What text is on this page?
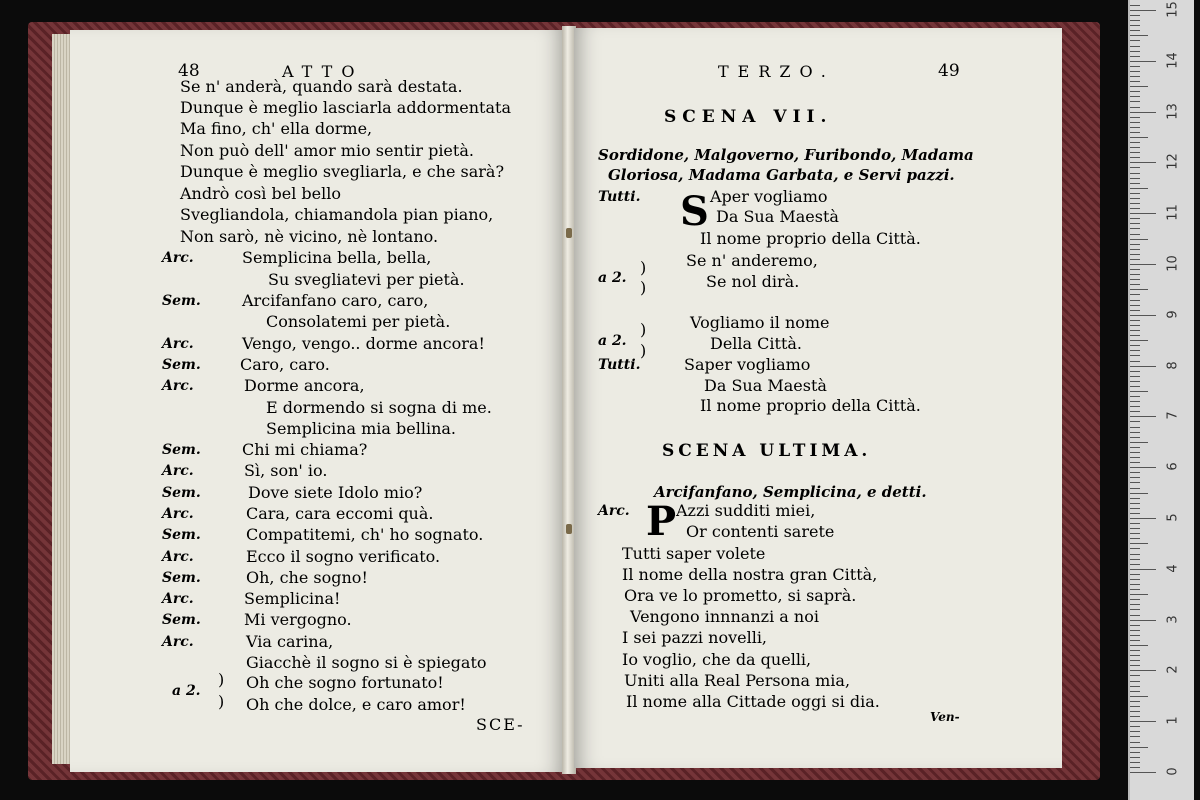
48	ATTO
Se n' anderà, quando sarà destata.
Dunque è meglio lasciarla addormentata
Ma fino, ch' ella dorme,
Non può dell' amor mio sentir pietà.
Dunque è meglio svegliarla, e che sarà?
Andrò così bel bello
Svegliandola, chiamandola pian piano,
Non sarò, nè vicino, nè lontano.
Semplicina bella, bella,
Arc.
Su svegliatevi per pietà.
Arcifanfano caro, caro,
Sem.
Consolatemi per pietà.
Vengo, vengo.. dorme ancora!
Arc.
Caro, caro.
Sem.
Dorme ancora,
Arc.
E dormendo si sogna di me.
Semplicina mia bellina.
Chi mi chiama?
Sem.
Sì, son' io.
Arc.
Dove siete Idolo mio?
Sem.
Cara, cara eccomi quà.
Arc.
Compatitemi, ch' ho sognato.
Sem.
Ecco il sogno verificato.
Arc.
Oh, che sogno!
Sem.
Semplicina!
Arc.
Mi vergogno.
Sem.
Via carina,
Arc.
Giacchè il sogno si è spiegato
Oh che sogno fortunato!
Oh che dolce, e caro amor!
a 2.
)
)
SCE-
TERZO.	49
SCENA VII.
Sordidone, Malgoverno, Furibondo, Madama
Gloriosa, Madama Garbata, e Servi pazzi.
S Aper vogliamo
Tutti.
Da Sua Maestà
Il nome proprio della Città.
Se n' anderemo,
Se nol dirà.
Vogliamo il nome
Della Città.
Saper vogliamo
Tutti.
Da Sua Maestà
Il nome proprio della Città.
a 2.
)
)
a 2.
)
)
SCENA ULTIMA.
Arcifanfano, Semplicina, e detti.
P Azzi sudditi miei,
Arc.
Or contenti sarete
Tutti saper volete
Il nome della nostra gran Città,
Ora ve lo prometto, si saprà.
Vengono innnanzi a noi
I sei pazzi novelli,
Io voglio, che da quelli,
Uniti alla Real Persona mia,
Il nome alla Cittade oggi si dia.
Ven-
0
1
2
3
4
5
6
7
8
9
10
11
12
13
14
15
